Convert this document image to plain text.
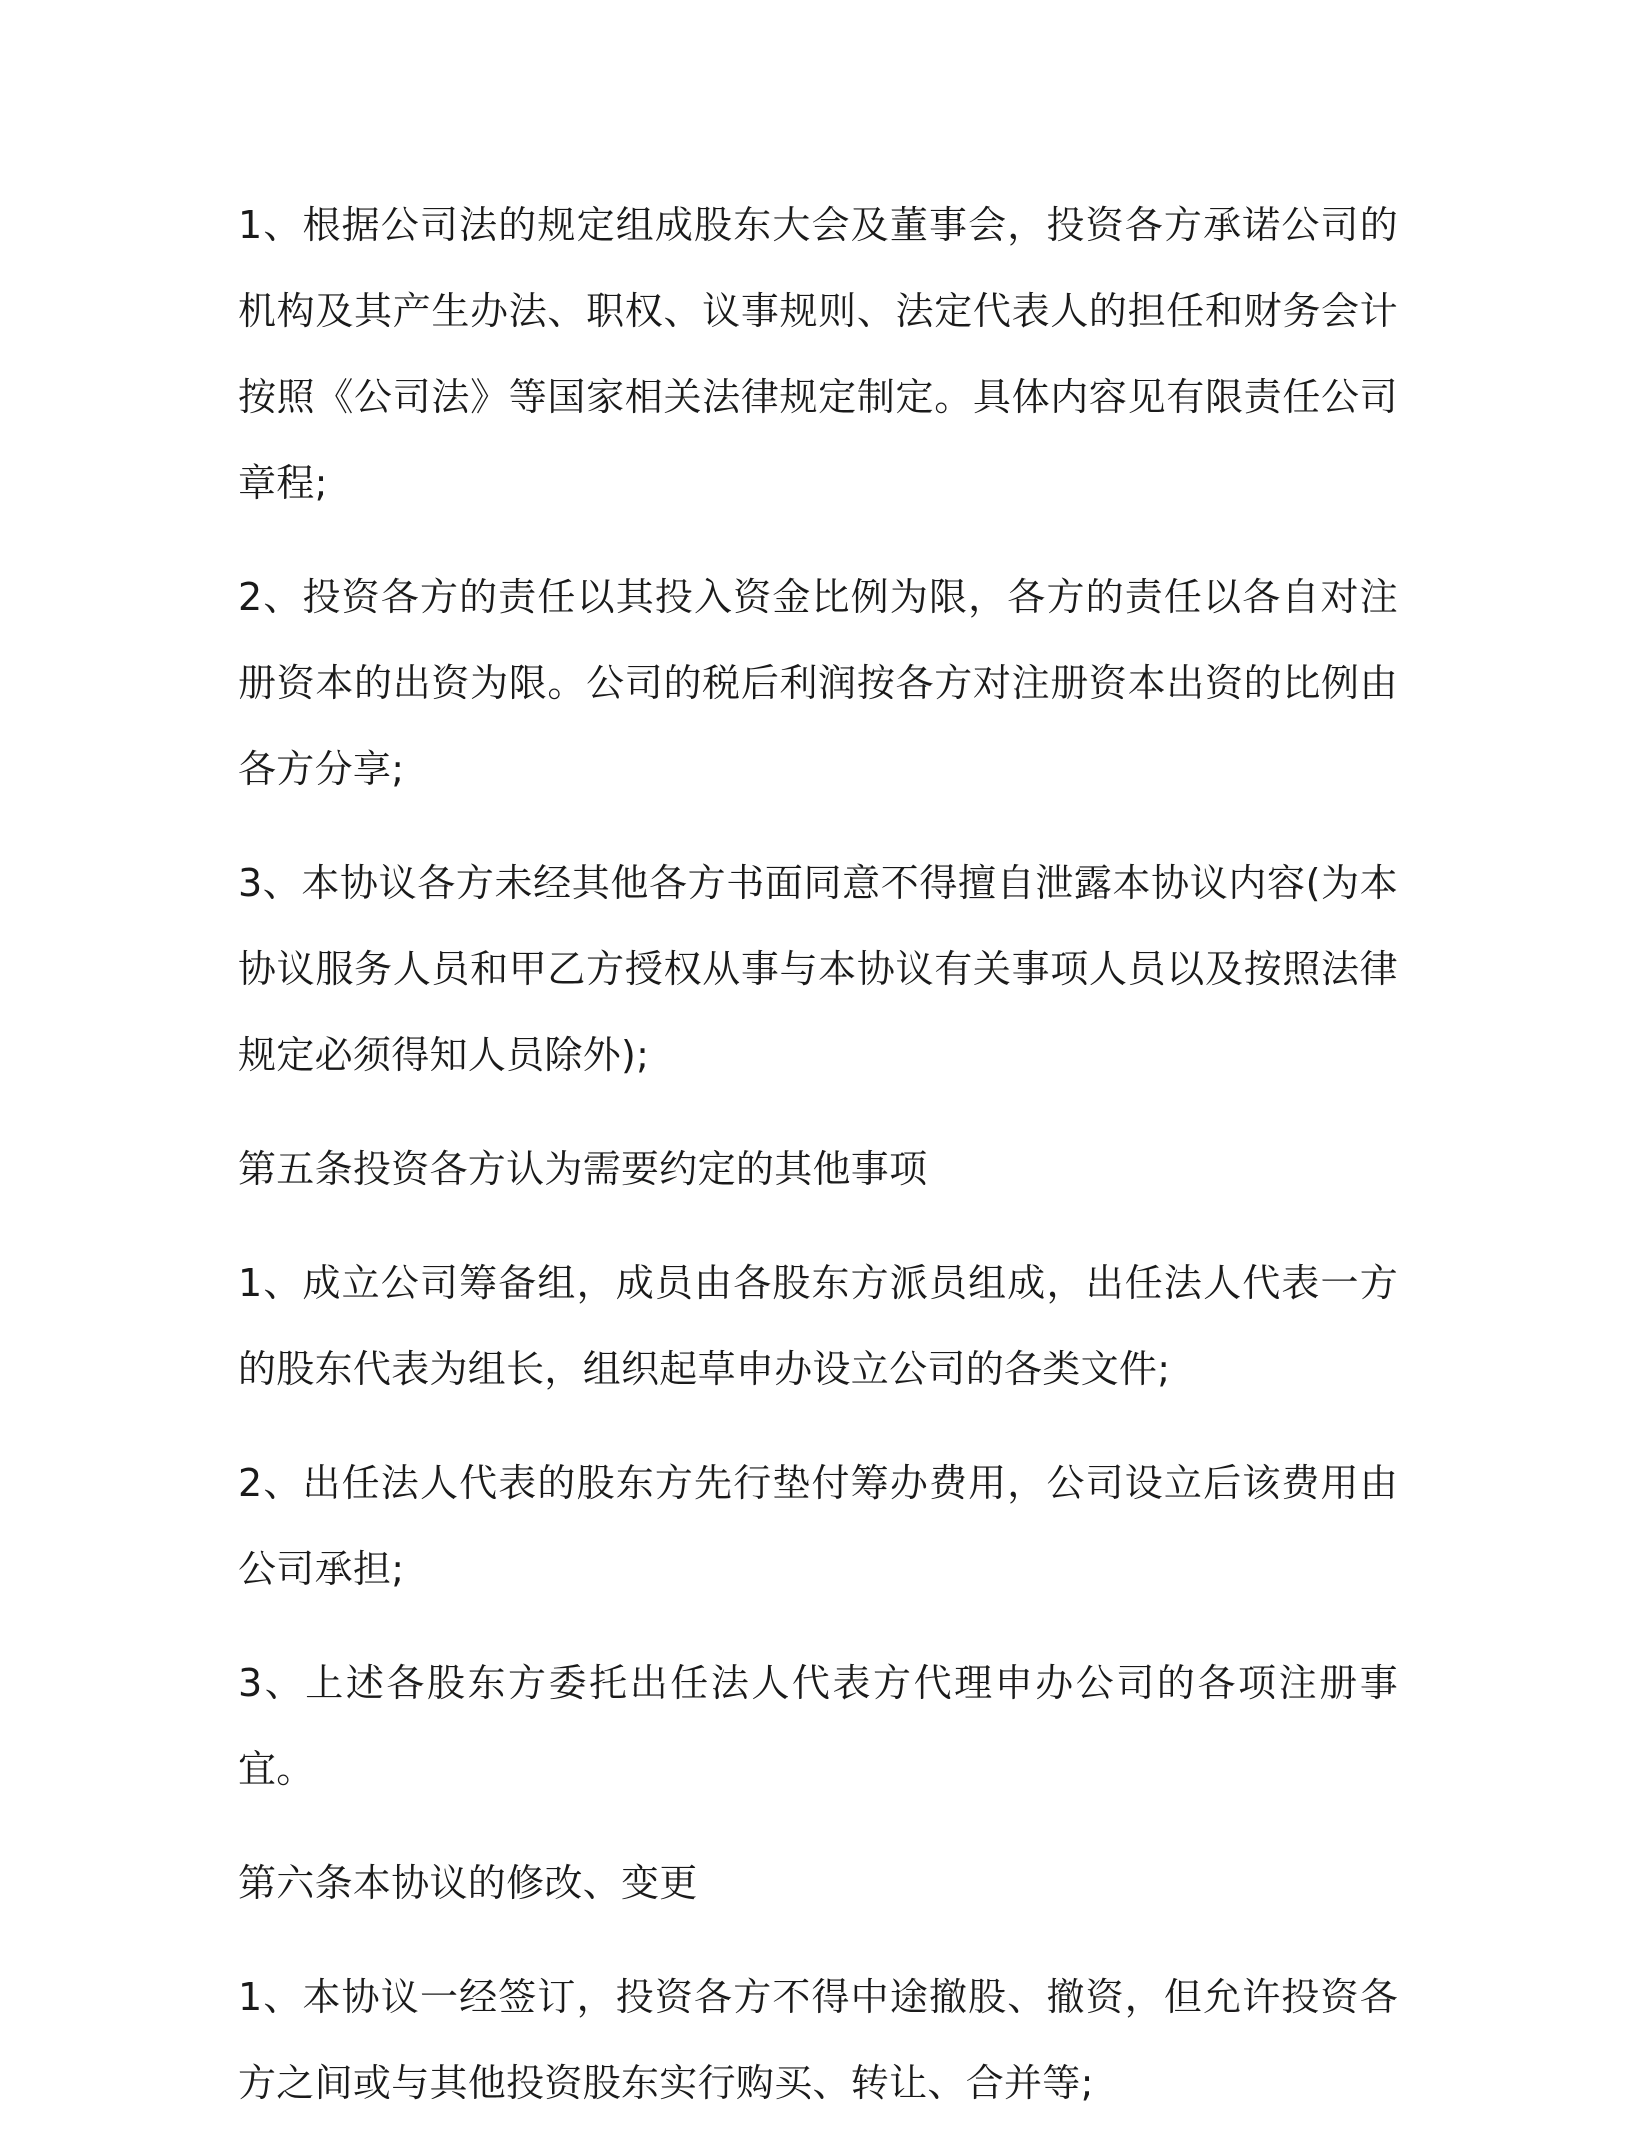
1、根据公司法的规定组成股东大会及董事会，投资各方承诺公司的机构及其产生办法、职权、议事规则、法定代表人的担任和财务会计按照《公司法》等国家相关法律规定制定。具体内容见有限责任公司章程;

2、投资各方的责任以其投入资金比例为限，各方的责任以各自对注册资本的出资为限。公司的税后利润按各方对注册资本出资的比例由各方分享;

3、本协议各方未经其他各方书面同意不得擅自泄露本协议内容(为本协议服务人员和甲乙方授权从事与本协议有关事项人员以及按照法律规定必须得知人员除外);

第五条投资各方认为需要约定的其他事项

1、成立公司筹备组，成员由各股东方派员组成，出任法人代表一方的股东代表为组长，组织起草申办设立公司的各类文件;

2、出任法人代表的股东方先行垫付筹办费用，公司设立后该费用由公司承担;

3、上述各股东方委托出任法人代表方代理申办公司的各项注册事宜。

第六条本协议的修改、变更

1、本协议一经签订，投资各方不得中途撤股、撤资，但允许投资各方之间或与其他投资股东实行购买、转让、合并等;
